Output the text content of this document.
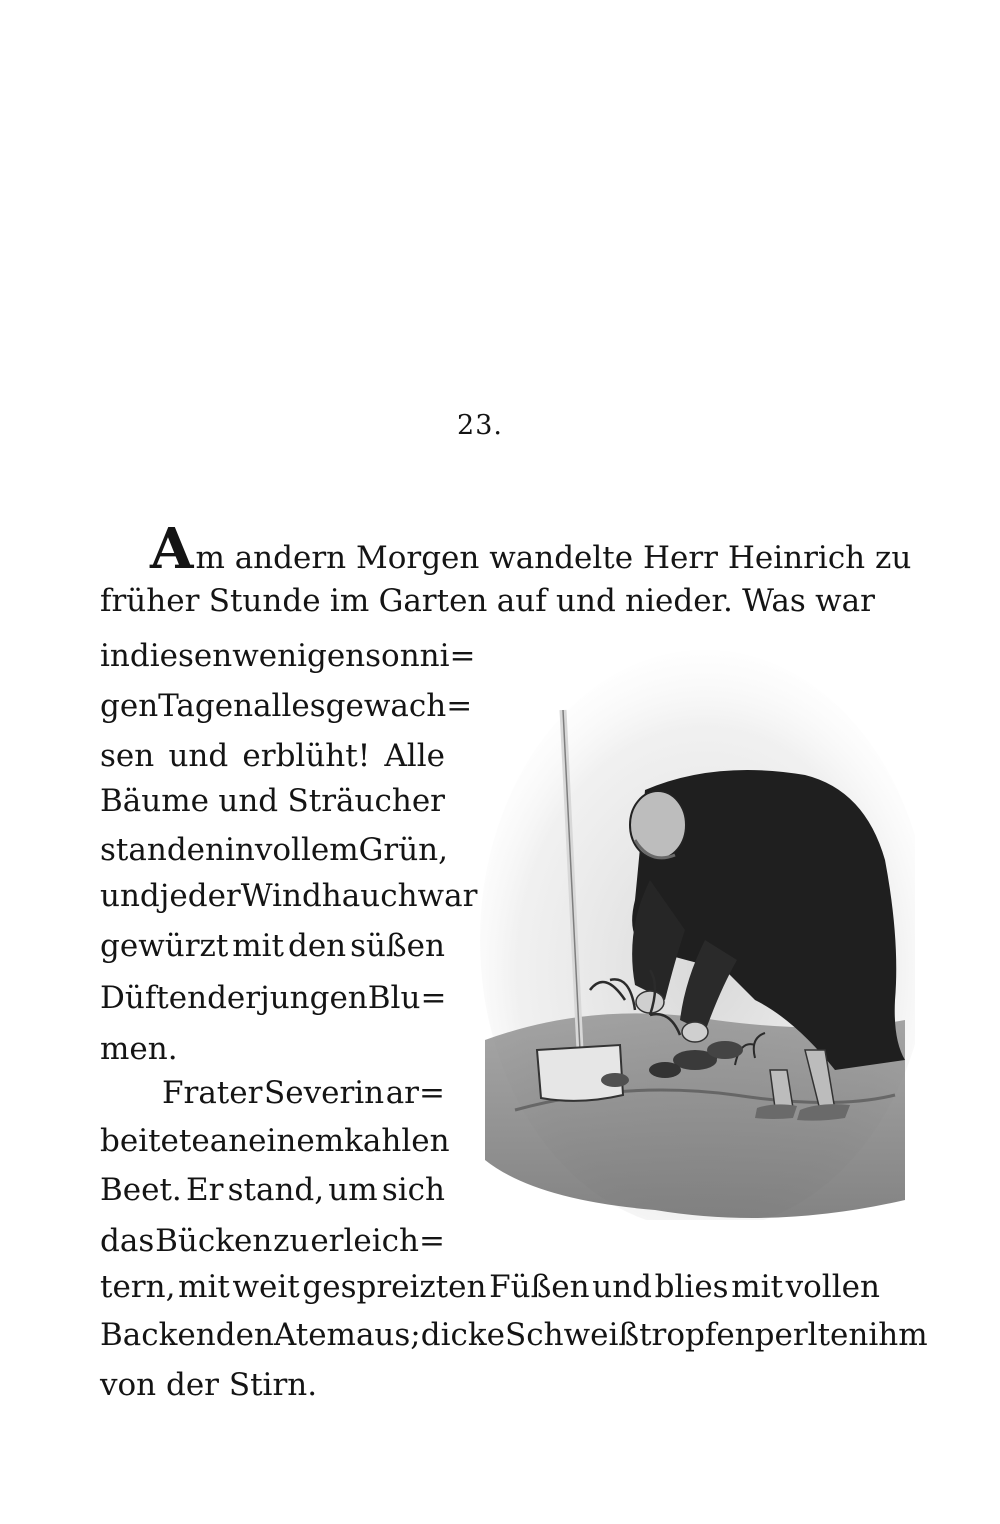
23.
Am andern Morgen wandelte Herr Heinrich zu
früher Stunde im Garten auf und nieder. Was war
in diesen wenigen sonni=
gen Tagen alles gewach=
sen und erblüht! Alle
Bäume und Sträucher
standen in vollem Grün,
und jeder Windhauch war
gewürzt mit den süßen
Düften der jungen Blu=
men.
Frater Severin ar=
beitete an einem kahlen
Beet. Er stand, um sich
das Bücken zu erleich=
tern, mit weit gespreizten Füßen und blies mit vollen
Backen den Atem aus; dicke Schweißtropfen perlten ihm
von der Stirn.
